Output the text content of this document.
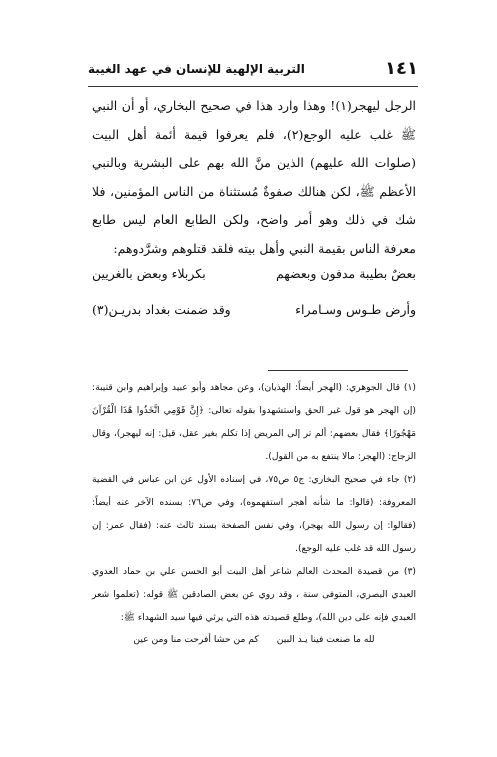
١٤١
التربية الإلهية للإنسان في عهد الغيبة

الرجل ليهجر(١)! وهذا وارد هذا في صحيح البخاري، أو أن النبي ﷺ غلب عليه الوجع(٢)، فلم يعرفوا قيمة أئمة أهل البيت (صلوات الله عليهم) الذين منَّ الله بهم على البشرية وبالنبي الأعظم ﷺ، لكن هنالك صفوةٌ مُستثناة من الناس المؤمنين، فلا شك في ذلك وهو أمر واضح، ولكن الطابع العام ليس طابع معرفة الناس بقيمة النبي وأهل بيته فلقد قتلوهم وشرَّدوهم:

بعضٌ بطيبة مدفون وبعضهم
بكربلاء وبعض بالغريين
وأرض طـوس وسـامراء
وقد ضمنت بغداد بدريـن(٣)

(١) قال الجوهري: (الهجر أيضاً: الهذيان)، وعن مجاهد وأبو عبيد وإبراهيم وابن قتيبة: (إن الهجر هو قول غير الحق واستشهدوا بقوله تعالى: ﴿إِنَّ قَوْمِي اتَّخَذُوا هَٰذَا الْقُرْآنَ مَهْجُورًا﴾ فقال بعضهم: ألم تر إلى المريض إذا تكلم بغير عقل، قيل: إنه ليهجر)، وقال الزجاج: (الهجر: مالا ينتفع به من القول).

(٢) جاء في صحيح البخاري: ج٥ ص٧٥، في إسناده الأول عن ابن عباس في القضية المعروفة: (قالوا: ما شأنه أهجر استفهموه)، وفي ص٧٦: بسنده الآخر عنه أيضاً: (فقالوا: إن رسول الله يهجر)، وفي نفس الصفحة بسند ثالث عنه: (فقال عمر: إن رسول الله قد غلب عليه الوجع).

(٣) من قصيدة المحدث العالم شاعر أهل البيت أبو الحسن علي بن حماد العدوي العبدي البصري، المتوفى سنة ، وقد روي عن بعض الصادقين ﷺ قوله: (تعلموا شعر العبدي فإنه على دين الله)، وطلع قصيدته هذه التي يرثي فيها سيد الشهداء ﷺ:

لله ما صنعت فينا يـد البين
كم من حشا أفرحت منا ومن عين
